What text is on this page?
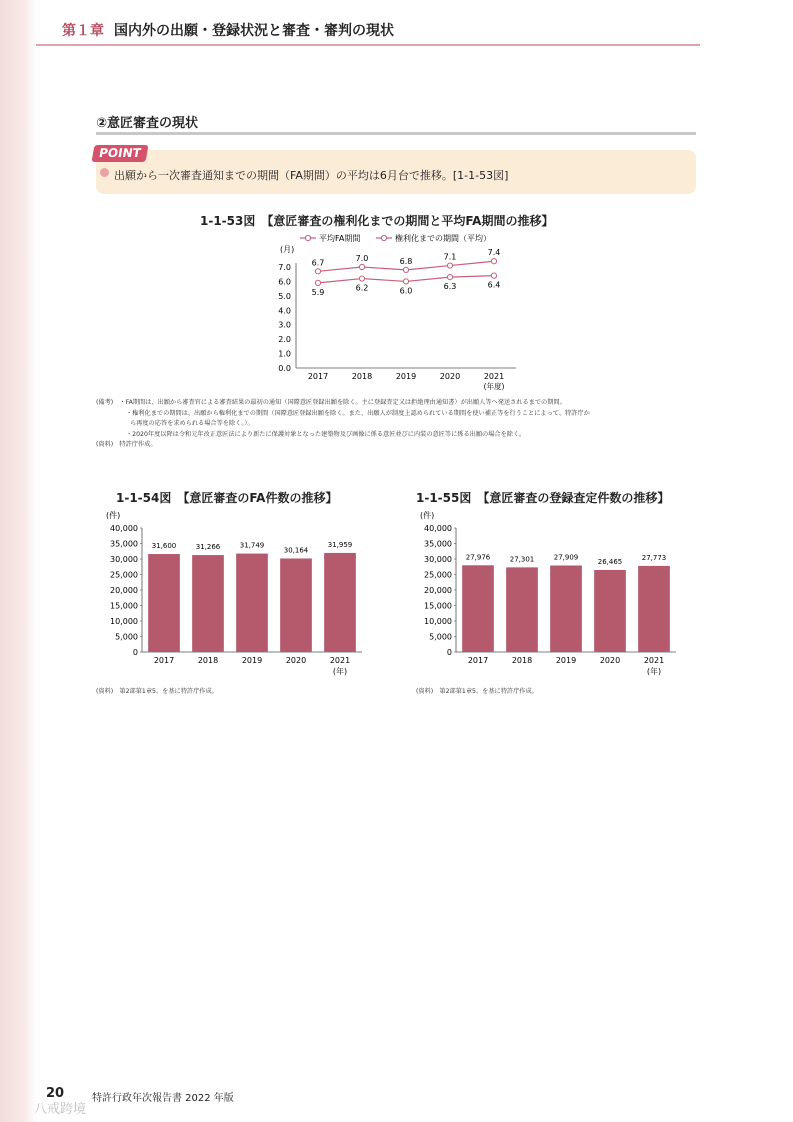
第１章 国内外の出願・登録状況と審査・審判の現状
②意匠審査の現状
POINT
出願から一次審査通知までの期間（FA期間）の平均は6月台で推移。[1-1-53図]
1-1-53図　【意匠審査の権利化までの期間と平均FA期間の推移】
平均FA期間	権利化までの期間（平均）
(月)
7.0
6.0
5.0
4.0
3.0
2.0
1.0
0.0
2017	2018	2019	2020	2021
(年度)
5.9	6.2	6.0	6.3	6.4
6.7	7.0	6.8	7.1	7.4
(備考)　・FA期間は、出願から審査官による審査結果の最初の通知（国際意匠登録出願を除く。主に登録査定又は拒絶理由通知書）が出願人等へ発送されるまでの期間。
・権利化までの期間は、出願から権利化までの期間（国際意匠登録出願を除く。また、出願人が制度上認められている期間を使い補正等を行うことによって、特許庁か
ら再度の応答を求められる場合等を除く。）。
・2020年度以降は令和元年改正意匠法により新たに保護対象となった建築物及び画像に係る意匠並びに内装の意匠等に係る出願の場合を除く。
(資料)　特許庁作成。
1-1-54図　【意匠審査のFA件数の推移】
(件)
40,000
35,000
30,000
25,000
20,000
15,000
10,000
5,000
0
31,600
2017
31,266
2018
31,749
2019
30,164
2020
31,959
2021
(年)
(資料)　第2部第1章5、を基に特許庁作成。
1-1-55図　【意匠審査の登録査定件数の推移】
(件)
40,000
35,000
30,000
25,000
20,000
15,000
10,000
5,000
0
27,976
2017
27,301
2018
27,909
2019
26,465
2020
27,773
2021
(年)
(資料)　第2部第1章5、を基に特許庁作成。
20	特許行政年次報告書 2022 年版
八戒跨境
